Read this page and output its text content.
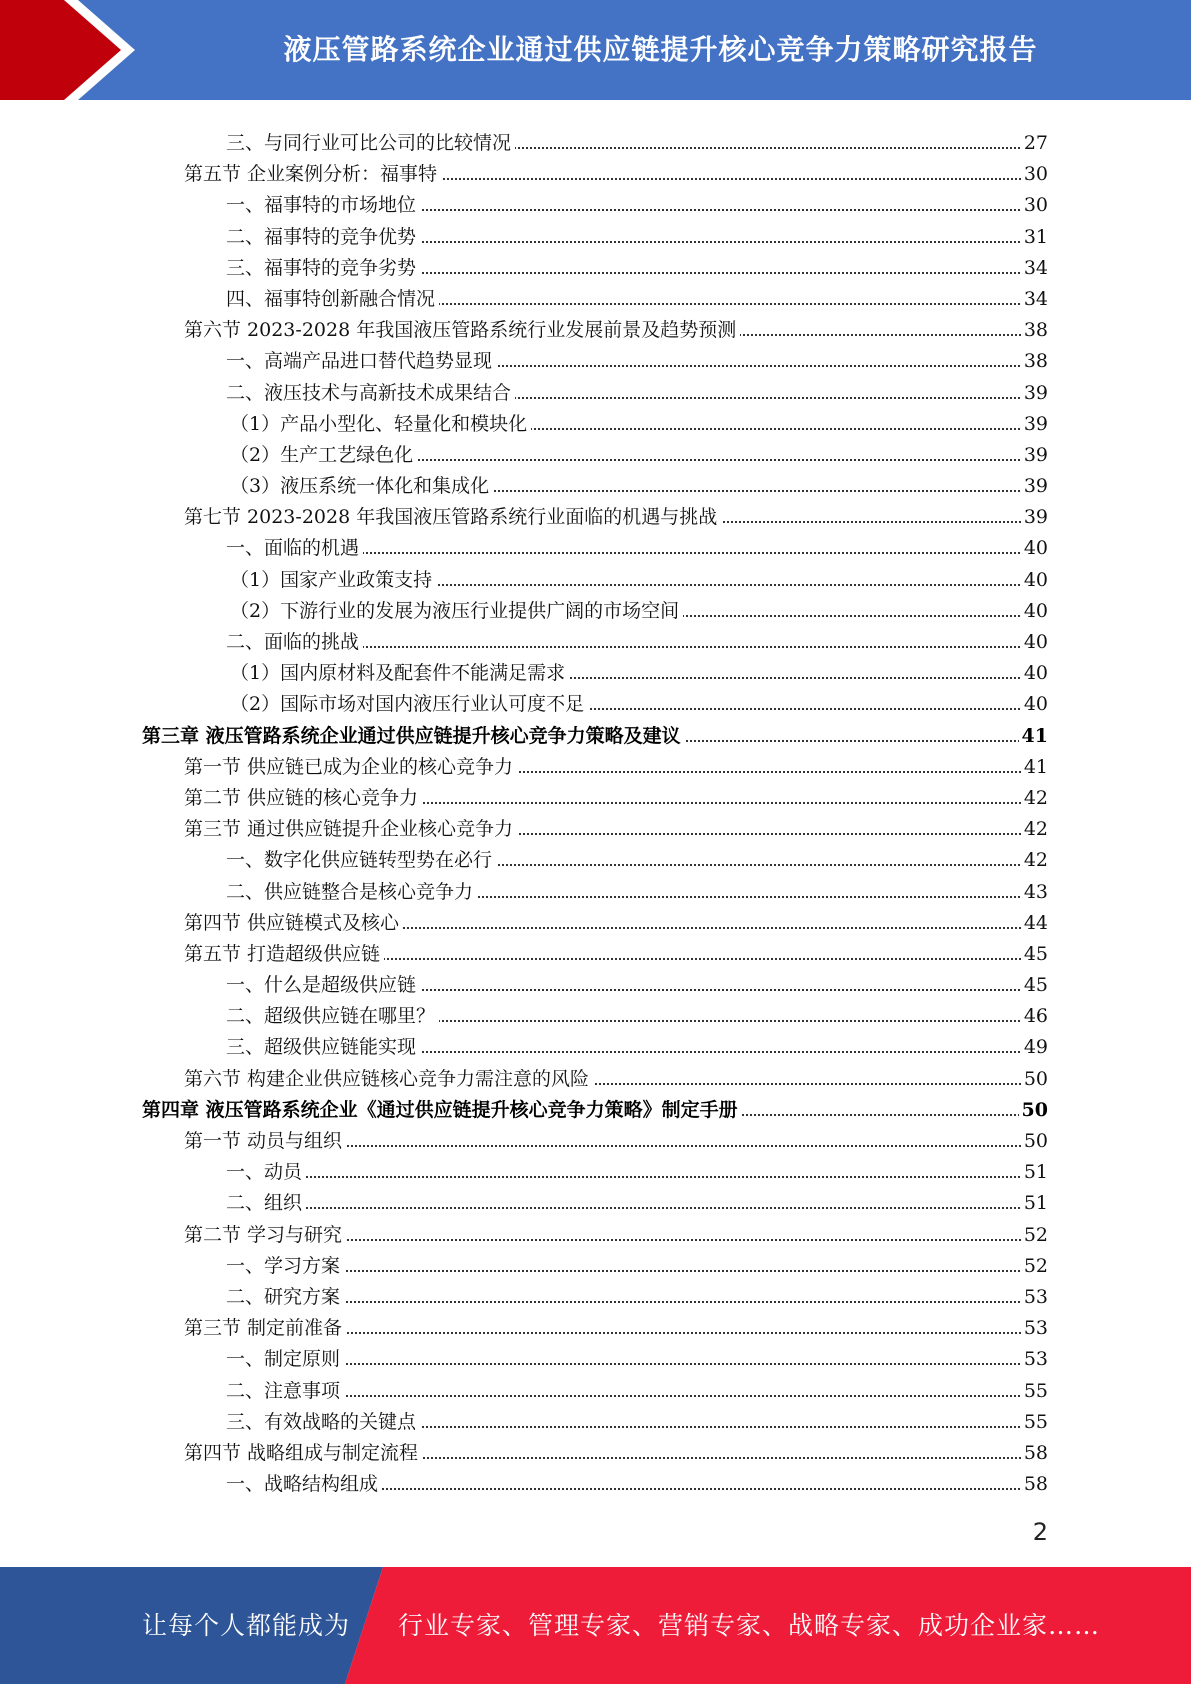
液压管路系统企业通过供应链提升核心竞争力策略研究报告
三、与同行业可比公司的比较情况	27
第五节 企业案例分析：福事特	30
一、福事特的市场地位	30
二、福事特的竞争优势	31
三、福事特的竞争劣势	34
四、福事特创新融合情况	34
第六节 2023-2028 年我国液压管路系统行业发展前景及趋势预测	38
一、高端产品进口替代趋势显现	38
二、液压技术与高新技术成果结合	39
（1）产品小型化、轻量化和模块化	39
（2）生产工艺绿色化	39
（3）液压系统一体化和集成化	39
第七节 2023-2028 年我国液压管路系统行业面临的机遇与挑战	39
一、面临的机遇	40
（1）国家产业政策支持	40
（2）下游行业的发展为液压行业提供广阔的市场空间	40
二、面临的挑战	40
（1）国内原材料及配套件不能满足需求	40
（2）国际市场对国内液压行业认可度不足	40
第三章 液压管路系统企业通过供应链提升核心竞争力策略及建议	41
第一节 供应链已成为企业的核心竞争力	41
第二节 供应链的核心竞争力	42
第三节 通过供应链提升企业核心竞争力	42
一、数字化供应链转型势在必行	42
二、供应链整合是核心竞争力	43
第四节 供应链模式及核心	44
第五节 打造超级供应链	45
一、什么是超级供应链	45
二、超级供应链在哪里？	46
三、超级供应链能实现	49
第六节 构建企业供应链核心竞争力需注意的风险	50
第四章 液压管路系统企业《通过供应链提升核心竞争力策略》制定手册	50
第一节 动员与组织	50
一、动员	51
二、组织	51
第二节 学习与研究	52
一、学习方案	52
二、研究方案	53
第三节 制定前准备	53
一、制定原则	53
二、注意事项	55
三、有效战略的关键点	55
第四节 战略组成与制定流程	58
一、战略结构组成	58
2
让每个人都能成为 行业专家、管理专家、营销专家、战略专家、成功企业家……
